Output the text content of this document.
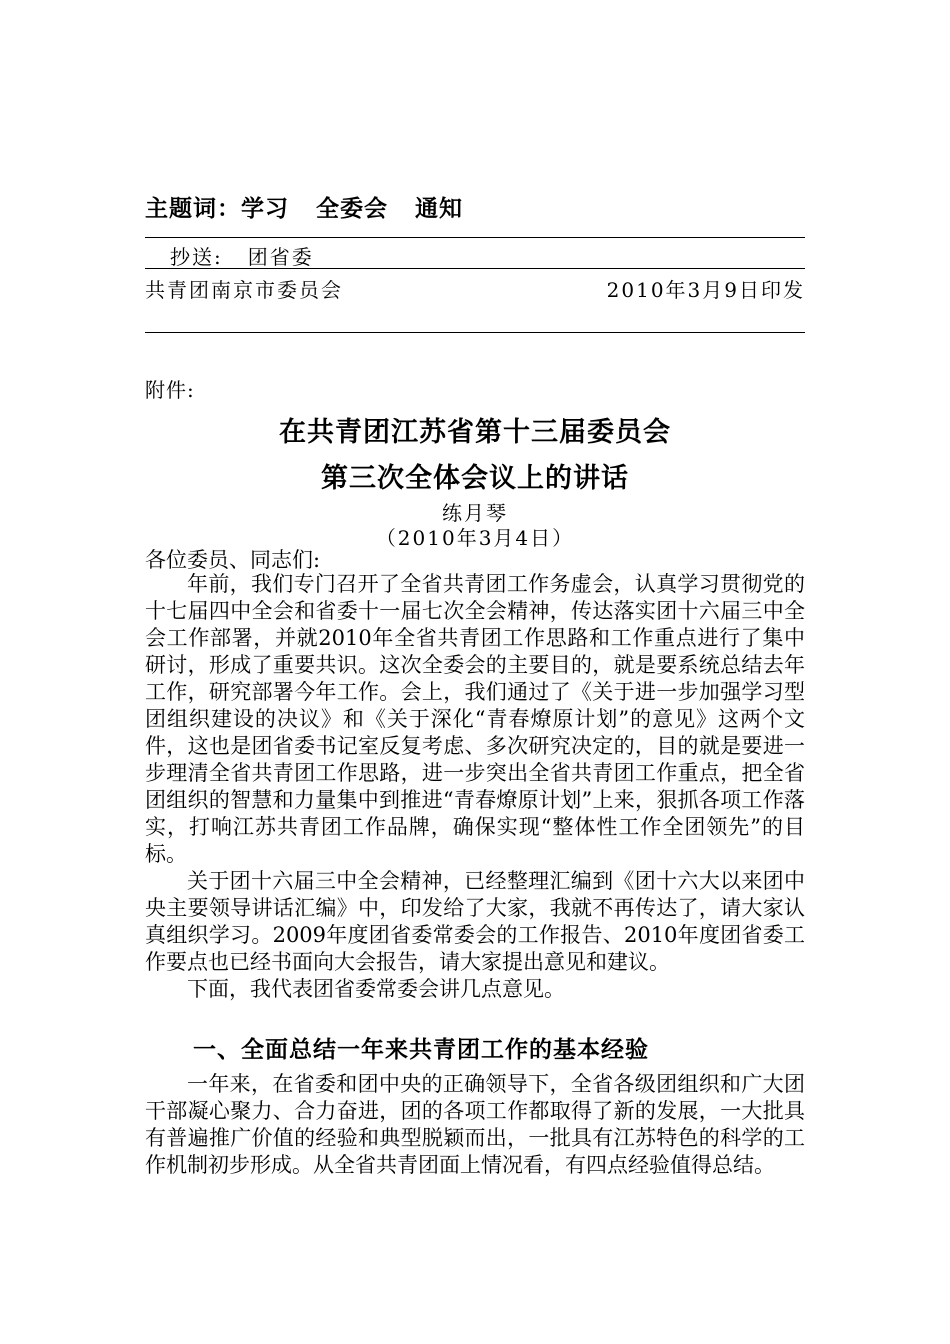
主题词：学习   全委会   通知
抄送:   团省委
共青团南京市委员会	2010年3月9日印发
附件:
在共青团江苏省第十三届委员会
第三次全体会议上的讲话
练月琴
（2010年3月4日）
各位委员、同志们:

年前，我们专门召开了全省共青团工作务虚会，认真学习贯彻党的十七届四中全会和省委十一届七次全会精神，传达落实团十六届三中全会工作部署，并就2010年全省共青团工作思路和工作重点进行了集中研讨，形成了重要共识。这次全委会的主要目的，就是要系统总结去年工作，研究部署今年工作。会上，我们通过了《关于进一步加强学习型团组织建设的决议》和《关于深化“青春燎原计划”的意见》这两个文件，这也是团省委书记室反复考虑、多次研究决定的，目的就是要进一步理清全省共青团工作思路，进一步突出全省共青团工作重点，把全省团组织的智慧和力量集中到推进“青春燎原计划”上来，狠抓各项工作落实，打响江苏共青团工作品牌，确保实现“整体性工作全团领先”的目标。

关于团十六届三中全会精神，已经整理汇编到《团十六大以来团中央主要领导讲话汇编》中，印发给了大家，我就不再传达了，请大家认真组织学习。2009年度团省委常委会的工作报告、2010年度团省委工作要点也已经书面向大会报告，请大家提出意见和建议。

下面，我代表团省委常委会讲几点意见。

一、全面总结一年来共青团工作的基本经验

一年来，在省委和团中央的正确领导下，全省各级团组织和广大团干部凝心聚力、合力奋进，团的各项工作都取得了新的发展，一大批具有普遍推广价值的经验和典型脱颖而出，一批具有江苏特色的科学的工作机制初步形成。从全省共青团面上情况看，有四点经验值得总结。
